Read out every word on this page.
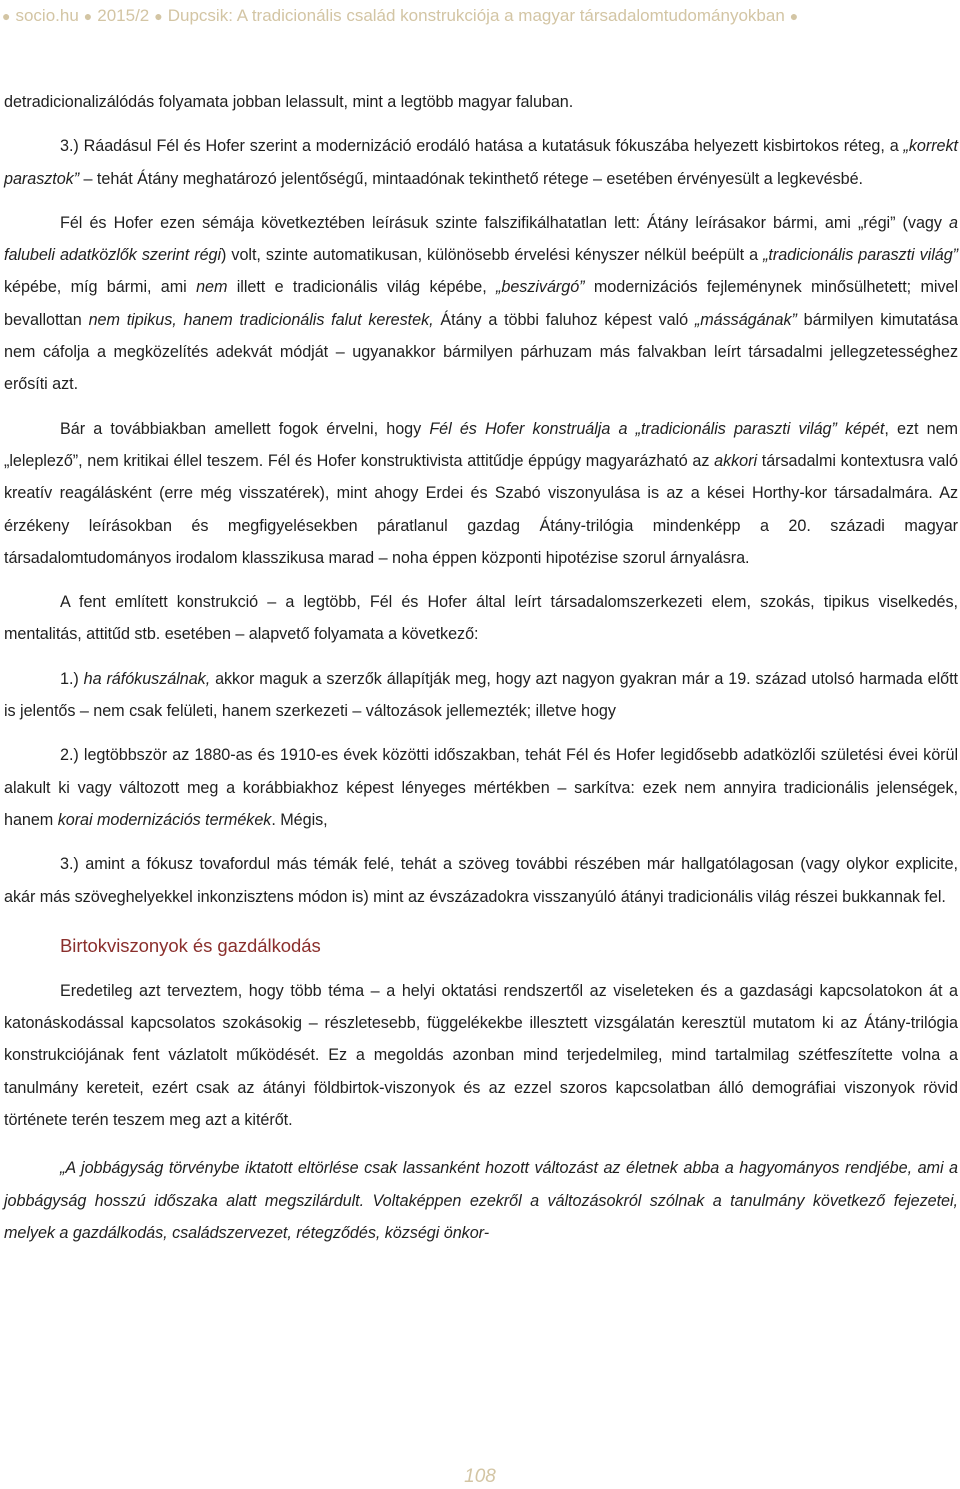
● socio.hu ● 2015/2 ● Dupcsik: A tradicionális család konstrukciója a magyar társadalomtudományokban ●

detradicionalizálódás folyamata jobban lelassult, mint a legtöbb magyar faluban.

3.) Ráadásul Fél és Hofer szerint a modernizáció erodáló hatása a kutatásuk fókuszába helyezett kisbirtokos réteg, a „korrekt parasztok” – tehát Átány meghatározó jelentőségű, mintaadónak tekinthető rétege – esetében érvényesült a legkevésbé.

Fél és Hofer ezen sémája következtében leírásuk szinte falszifikálhatatlan lett: Átány leírásakor bármi, ami „régi” (vagy a falubeli adatközlők szerint régi) volt, szinte automatikusan, különösebb érvelési kényszer nélkül beépült a „tradicionális paraszti világ” képébe, míg bármi, ami nem illett e tradicionális világ képébe, „beszivárgó” modernizációs fejleménynek minősülhetett; mivel bevallottan nem tipikus, hanem tradicionális falut kerestek, Átány a többi faluhoz képest való „másságának” bármilyen kimutatása nem cáfolja a megközelítés adekvát módját – ugyanakkor bármilyen párhuzam más falvakban leírt társadalmi jellegzetességhez erősíti azt.

Bár a továbbiakban amellett fogok érvelni, hogy Fél és Hofer konstruálja a „tradicionális paraszti világ” képét, ezt nem „leleplező”, nem kritikai éllel teszem. Fél és Hofer konstruktivista attitűdje éppúgy magyarázható az akkori társadalmi kontextusra való kreatív reagálásként (erre még visszatérek), mint ahogy Erdei és Szabó viszonyulása is az a kései Horthy-kor társadalmára. Az érzékeny leírásokban és megfigyelésekben páratlanul gazdag Átány-trilógia mindenképp a 20. századi magyar társadalomtudományos irodalom klasszikusa marad – noha éppen központi hipotézise szorul árnyalásra.

A fent említett konstrukció – a legtöbb, Fél és Hofer által leírt társadalomszerkezeti elem, szokás, tipikus viselkedés, mentalitás, attitűd stb. esetében – alapvető folyamata a következő:

1.) ha ráfókuszálnak, akkor maguk a szerzők állapítják meg, hogy azt nagyon gyakran már a 19. század utolsó harmada előtt is jelentős – nem csak felületi, hanem szerkezeti – változások jellemezték; illetve hogy

2.) legtöbbször az 1880-as és 1910-es évek közötti időszakban, tehát Fél és Hofer legidősebb adatközlői születési évei körül alakult ki vagy változott meg a korábbiakhoz képest lényeges mértékben – sarkítva: ezek nem annyira tradicionális jelenségek, hanem korai modernizációs termékek. Mégis,

3.) amint a fókusz tovafordul más témák felé, tehát a szöveg további részében már hallgatólagosan (vagy olykor explicite, akár más szöveghelyekkel inkonzisztens módon is) mint az évszázadokra visszanyúló átányi tradicionális világ részei bukkannak fel.

Birtokviszonyok és gazdálkodás

Eredetileg azt terveztem, hogy több téma – a helyi oktatási rendszertől az viseleteken és a gazdasági kapcsolatokon át a katonáskodással kapcsolatos szokásokig – részletesebb, függelékekbe illesztett vizsgálatán keresztül mutatom ki az Átány-trilógia konstrukciójának fent vázlatolt működését. Ez a megoldás azonban mind terjedelmileg, mind tartalmilag szétfeszítette volna a tanulmány kereteit, ezért csak az átányi földbirtok-viszonyok és az ezzel szoros kapcsolatban álló demográfiai viszonyok rövid története terén teszem meg azt a kitérőt.

„A jobbágyság törvénybe iktatott eltörlése csak lassanként hozott változást az életnek abba a hagyományos rendjébe, ami a jobbágyság hosszú időszaka alatt megszilárdult. Voltaképpen ezekről a változásokról szólnak a tanulmány következő fejezetei, melyek a gazdálkodás, családszervezet, rétegződés, községi önkor-

108
